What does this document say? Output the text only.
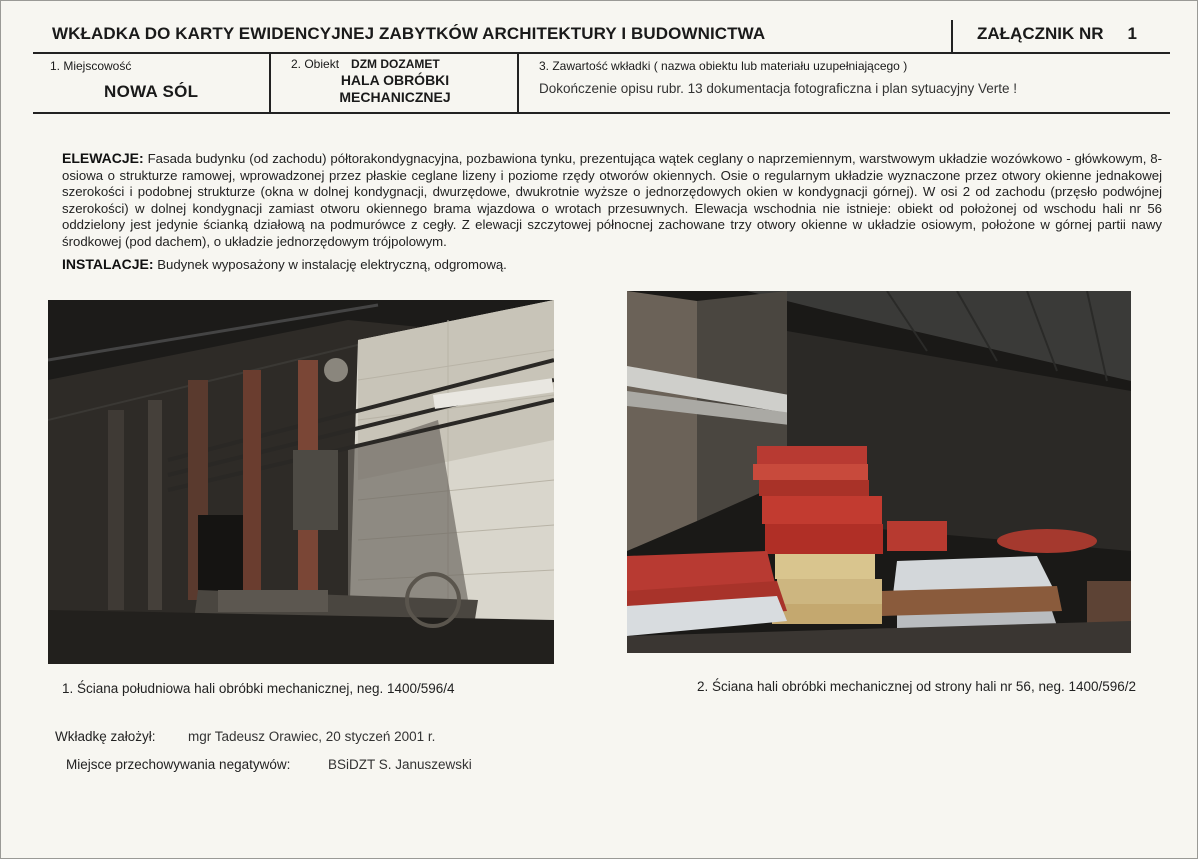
WKŁADKA DO KARTY EWIDENCYJNEJ ZABYTKÓW ARCHITEKTURY I BUDOWNICTWA	ZAŁĄCZNIK NR 1
1. Miejscowość
NOWA SÓL
2. Obiekt DZM DOZAMET
HALA OBRÓBKI
MECHANICZNEJ
3. Zawartość wkładki ( nazwa obiektu lub materiału uzupełniającego )
Dokończenie opisu rubr. 13 dokumentacja fotograficzna i plan sytuacyjny Verte !
ELEWACJE: Fasada budynku (od zachodu) półtorakondygnacyjna, pozbawiona tynku, prezentująca wątek ceglany o naprzemiennym, warstwowym układzie wozówkowo - główkowym, 8-osiowa o strukturze ramowej, wprowadzonej przez płaskie ceglane lizeny i poziome rzędy otworów okiennych. Osie o regularnym układzie wyznaczone przez otwory okienne jednakowej szerokości i podobnej strukturze (okna w dolnej kondygnacji, dwurzędowe, dwukrotnie wyższe o jednorzędowych okien w kondygnacji górnej). W osi 2 od zachodu (przęsło podwójnej szerokości) w dolnej kondygnacji zamiast otworu okiennego brama wjazdowa o wrotach przesuwnych. Elewacja wschodnia nie istnieje: obiekt od położonej od wschodu hali nr 56 oddzielony jest jedynie ścianką działową na podmurówce z cegły. Z elewacji szczytowej północnej zachowane trzy otwory okienne w układzie osiowym, położone w górnej partii nawy środkowej (pod dachem), o układzie jednorzędowym trójpolowym.
INSTALACJE: Budynek wyposażony w instalację elektryczną, odgromową.
1. Ściana południowa hali obróbki mechanicznej, neg. 1400/596/4	2. Ściana hali obróbki mechanicznej od strony hali nr 56, neg. 1400/596/2
Wkładkę założył: mgr Tadeusz Orawiec, 20 styczeń 2001 r.
Miejsce przechowywania negatywów:	BSiDZT S. Januszewski
